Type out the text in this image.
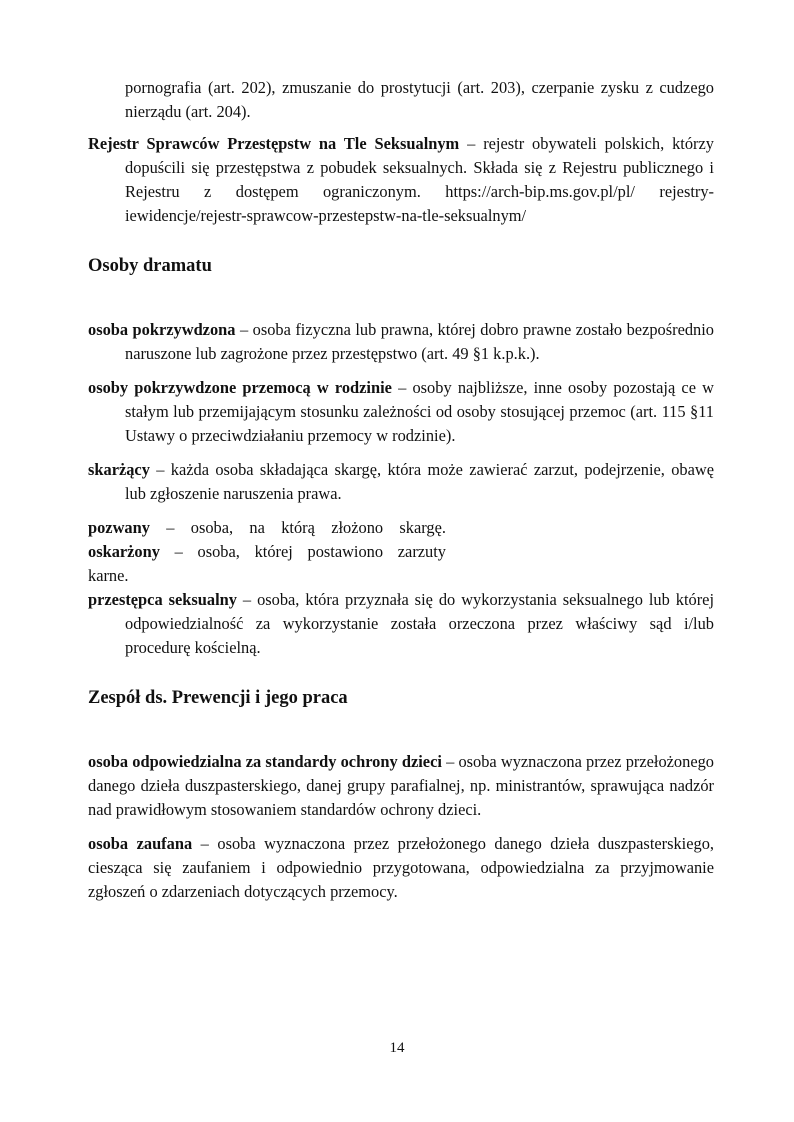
pornografia (art. 202), zmuszanie do prostytucji (art. 203), czerpanie zysku z cudzego nierządu (art. 204).

Rejestr Sprawców Przestępstw na Tle Seksualnym – rejestr obywateli polskich, którzy dopuścili się przestępstwa z pobudek seksualnych. Składa się z Rejestru publicznego i Rejestru z dostępem ograniczonym. https://arch-bip.ms.gov.pl/pl/ rejestry-iewidencje/rejestr-sprawcow-przestepstw-na-tle-seksualnym/

Osoby dramatu

osoba pokrzywdzona – osoba fizyczna lub prawna, której dobro prawne zostało bezpośrednio naruszone lub zagrożone przez przestępstwo (art. 49 §1 k.p.k.).

osoby pokrzywdzone przemocą w rodzinie – osoby najbliższe, inne osoby pozostają ce w stałym lub przemijającym stosunku zależności od osoby stosującej przemoc (art. 115 §11 Ustawy o przeciwdziałaniu przemocy w rodzinie).

skarżący – każda osoba składająca skargę, która może zawierać zarzut, podejrzenie, obawę lub zgłoszenie naruszenia prawa.

pozwany – osoba, na którą złożono skargę.

oskarżony – osoba, której postawiono zarzuty

karne.

przestępca seksualny – osoba, która przyznała się do wykorzystania seksualnego lub której odpowiedzialność za wykorzystanie została orzeczona przez właściwy sąd i/lub procedurę kościelną.

Zespół ds. Prewencji i jego praca

osoba odpowiedzialna za standardy ochrony dzieci – osoba wyznaczona przez przełożonego danego dzieła duszpasterskiego, danej grupy parafialnej, np. ministrantów, sprawująca nadzór nad prawidłowym stosowaniem standardów ochrony dzieci.

osoba zaufana – osoba wyznaczona przez przełożonego danego dzieła duszpasterskiego, ciesząca się zaufaniem i odpowiednio przygotowana, odpowiedzialna za przyjmowanie zgłoszeń o zdarzeniach dotyczących przemocy.

14
